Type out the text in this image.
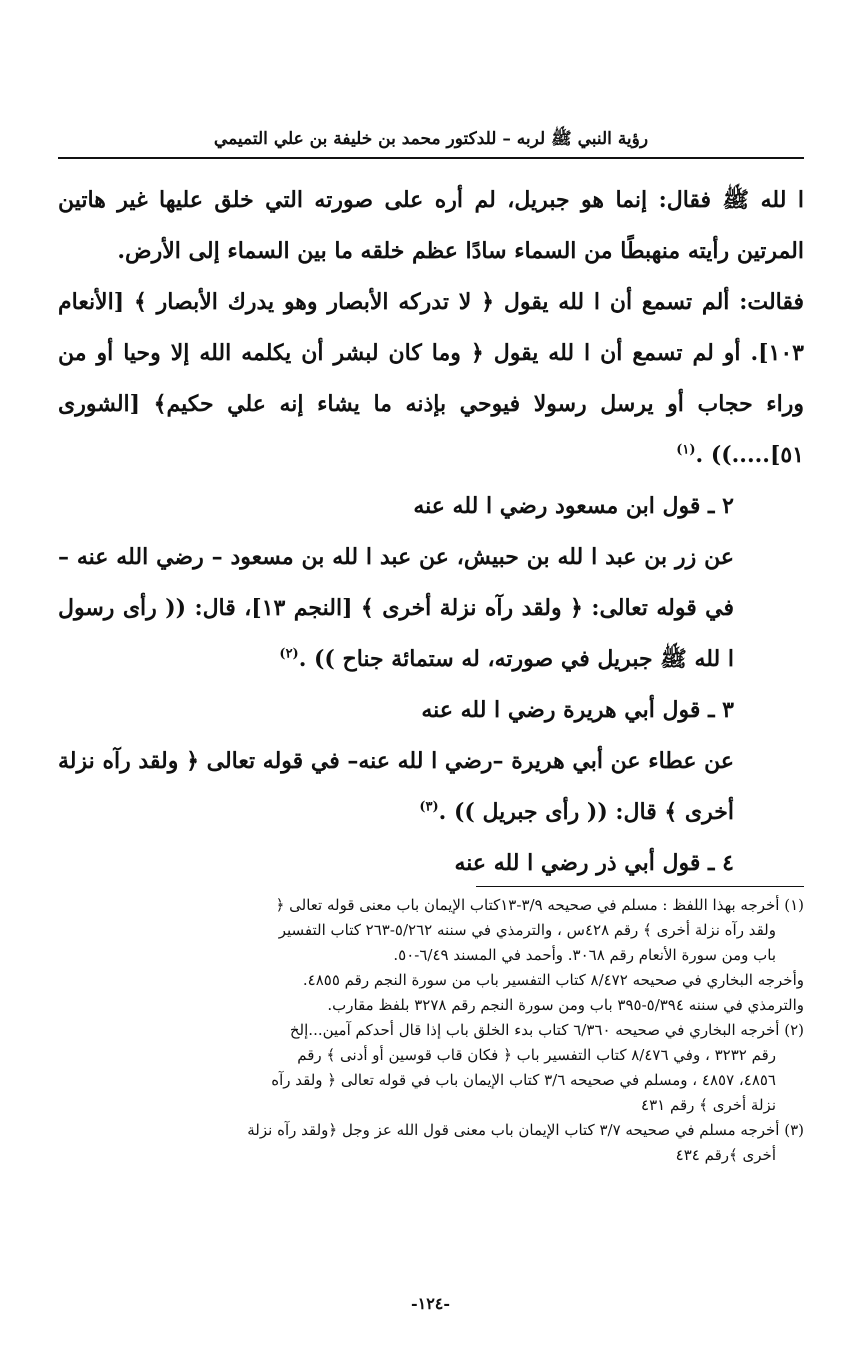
رؤية النبي ﷺ لربه – للدكتور محمد بن خليفة بن علي التميمي

ا لله ﷺ فقال: إنما هو جبريل، لم أره على صورته التي خلق عليها غير هاتين المرتين رأيته منهبطًا من السماء سادًا عظم خلقه ما بين السماء إلى الأرض.

فقالت: ألم تسمع أن ا لله يقول ﴿ لا تدركه الأبصار وهو يدرك الأبصار ﴾ [الأنعام ١٠٣]. أو لم تسمع أن ا لله يقول ﴿ وما كان لبشر أن يكلمه الله إلا وحيا أو من وراء حجاب أو يرسل رسولا فيوحي بإذنه ما يشاء إنه علي حكيم﴾ [الشورى ٥١].....)) .$^{(١)}$

٢ ـ قول ابن مسعود رضي ا لله عنه

عن زر بن عبد ا لله بن حبيش، عن عبد ا لله بن مسعود – رضي الله عنه – في قوله تعالى: ﴿ ولقد رآه نزلة أخرى ﴾ [النجم ١٣]، قال: (( رأى رسول ا لله ﷺ جبريل في صورته، له ستمائة جناح )) .$^{(٢)}$

٣ ـ قول أبي هريرة رضي ا لله عنه

عن عطاء عن أبي هريرة –رضي ا لله عنه– في قوله تعالى ﴿ ولقد رآه نزلة أخرى ﴾ قال: (( رأى جبريل )) .$^{(٣)}$

٤ ـ قول أبي ذر رضي ا لله عنه

(١) أخرجه بهذا اللفظ : مسلم في صحيحه ٣/٩-١٣كتاب الإيمان باب معنى قوله تعالى ﴿

ولقد رآه نزلة أخرى ﴾ رقم ٤٢٨س ، والترمذي في سننه ٥/٢٦٢-٢٦٣ كتاب التفسير

باب ومن سورة الأنعام رقم ٣٠٦٨. وأحمد في المسند ٦/٤٩-٥٠.

وأخرجه البخاري في صحيحه ٨/٤٧٢ كتاب التفسير باب من سورة النجم رقم ٤٨٥٥.

والترمذي في سننه ٥/٣٩٤-٣٩٥ باب ومن سورة النجم رقم ٣٢٧٨ بلفظ مقارب.

(٢) أخرجه البخاري في صحيحه ٦/٣٦٠ كتاب بدء الخلق باب إذا قال أحدكم آمين...إلخ

رقم ٣٢٣٢ ، وفي ٨/٤٧٦ كتاب التفسير باب ﴿ فكان قاب قوسين أو أدنى ﴾ رقم

٤٨٥٦، ٤٨٥٧ ، ومسلم في صحيحه ٣/٦ كتاب الإيمان باب في قوله تعالى ﴿ ولقد رآه

نزلة أخرى ﴾ رقم ٤٣١

(٣) أخرجه مسلم في صحيحه ٣/٧ كتاب الإيمان باب معنى قول الله عز وجل ﴿ولقد رآه نزلة

أخرى ﴾رقم ٤٣٤

-١٢٤-
